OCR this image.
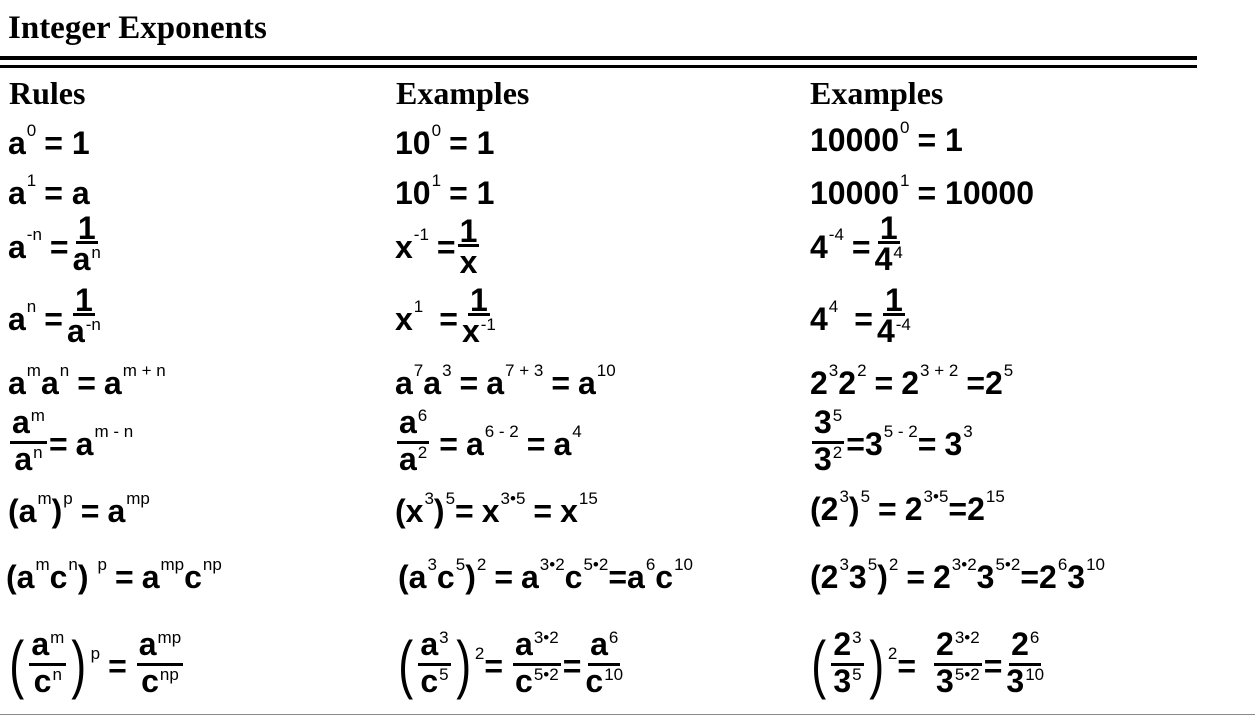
Integer Exponents
Rules	Examples	Examples
$a^0 = 1$	$10^0 = 1$	$10000^0 = 1$
$a^1 = a$	$10^1 = 1$	$10000^1 = 10000$
$a^{-n} = \frac{1}{a^n}$	$x^{-1} = \frac{1}{x}$	$4^{-4} = \frac{1}{4^4}$
$a^n = \frac{1}{a^{-n}}$	$x^1 = \frac{1}{x^{-1}}$	$4^4 = \frac{1}{4^{-4}}$
$a^m$ $a^n = a^{m + n}$	$a^7$ $a^3 = a^{7 + 3} = a^{10}$	$2^3$ $2^2 = 2^{3 + 2} = 2^5$
$\frac{a^m}{a^n} = a^{m - n}$	$\frac{a^6}{a^2} = a^{6 - 2} = a^4$	$\frac{3^5}{3^2} = 3^{5 - 2} = 3^3$
( $a^m$ )$^p = a^{mp}$	( $x^3$ )$^5 = x^{3•5} = x^{15}$	( $2^3$ )$^5 = 2^{3•5} = 2^{15}$
( $a^m$ $c^n$ ) $^p = a^{mp}$ $c^{np}$	( $a^3$ $c^5$ )$^2 = a^{3•2}$ $c^{5•2} = a^6$ $c^{10}$	( $2^3$ $3^5$ )$^2 = 2^{3•2}$ $3^{5•2} = 2^6$ $3^{10}$
( $\frac{a^m}{c^n} )^p = \frac{a^{mp}}{c^{np}}$	( $\frac{a^3}{c^5} )^2 = \frac{a^{3•2}}{c^{5•2}} = \frac{a^6}{c^{10}}$	( $\frac{2^3}{3^5} )^2 = \frac{2^{3•2}}{3^{5•2}} = \frac{2^6}{3^{10}}$
